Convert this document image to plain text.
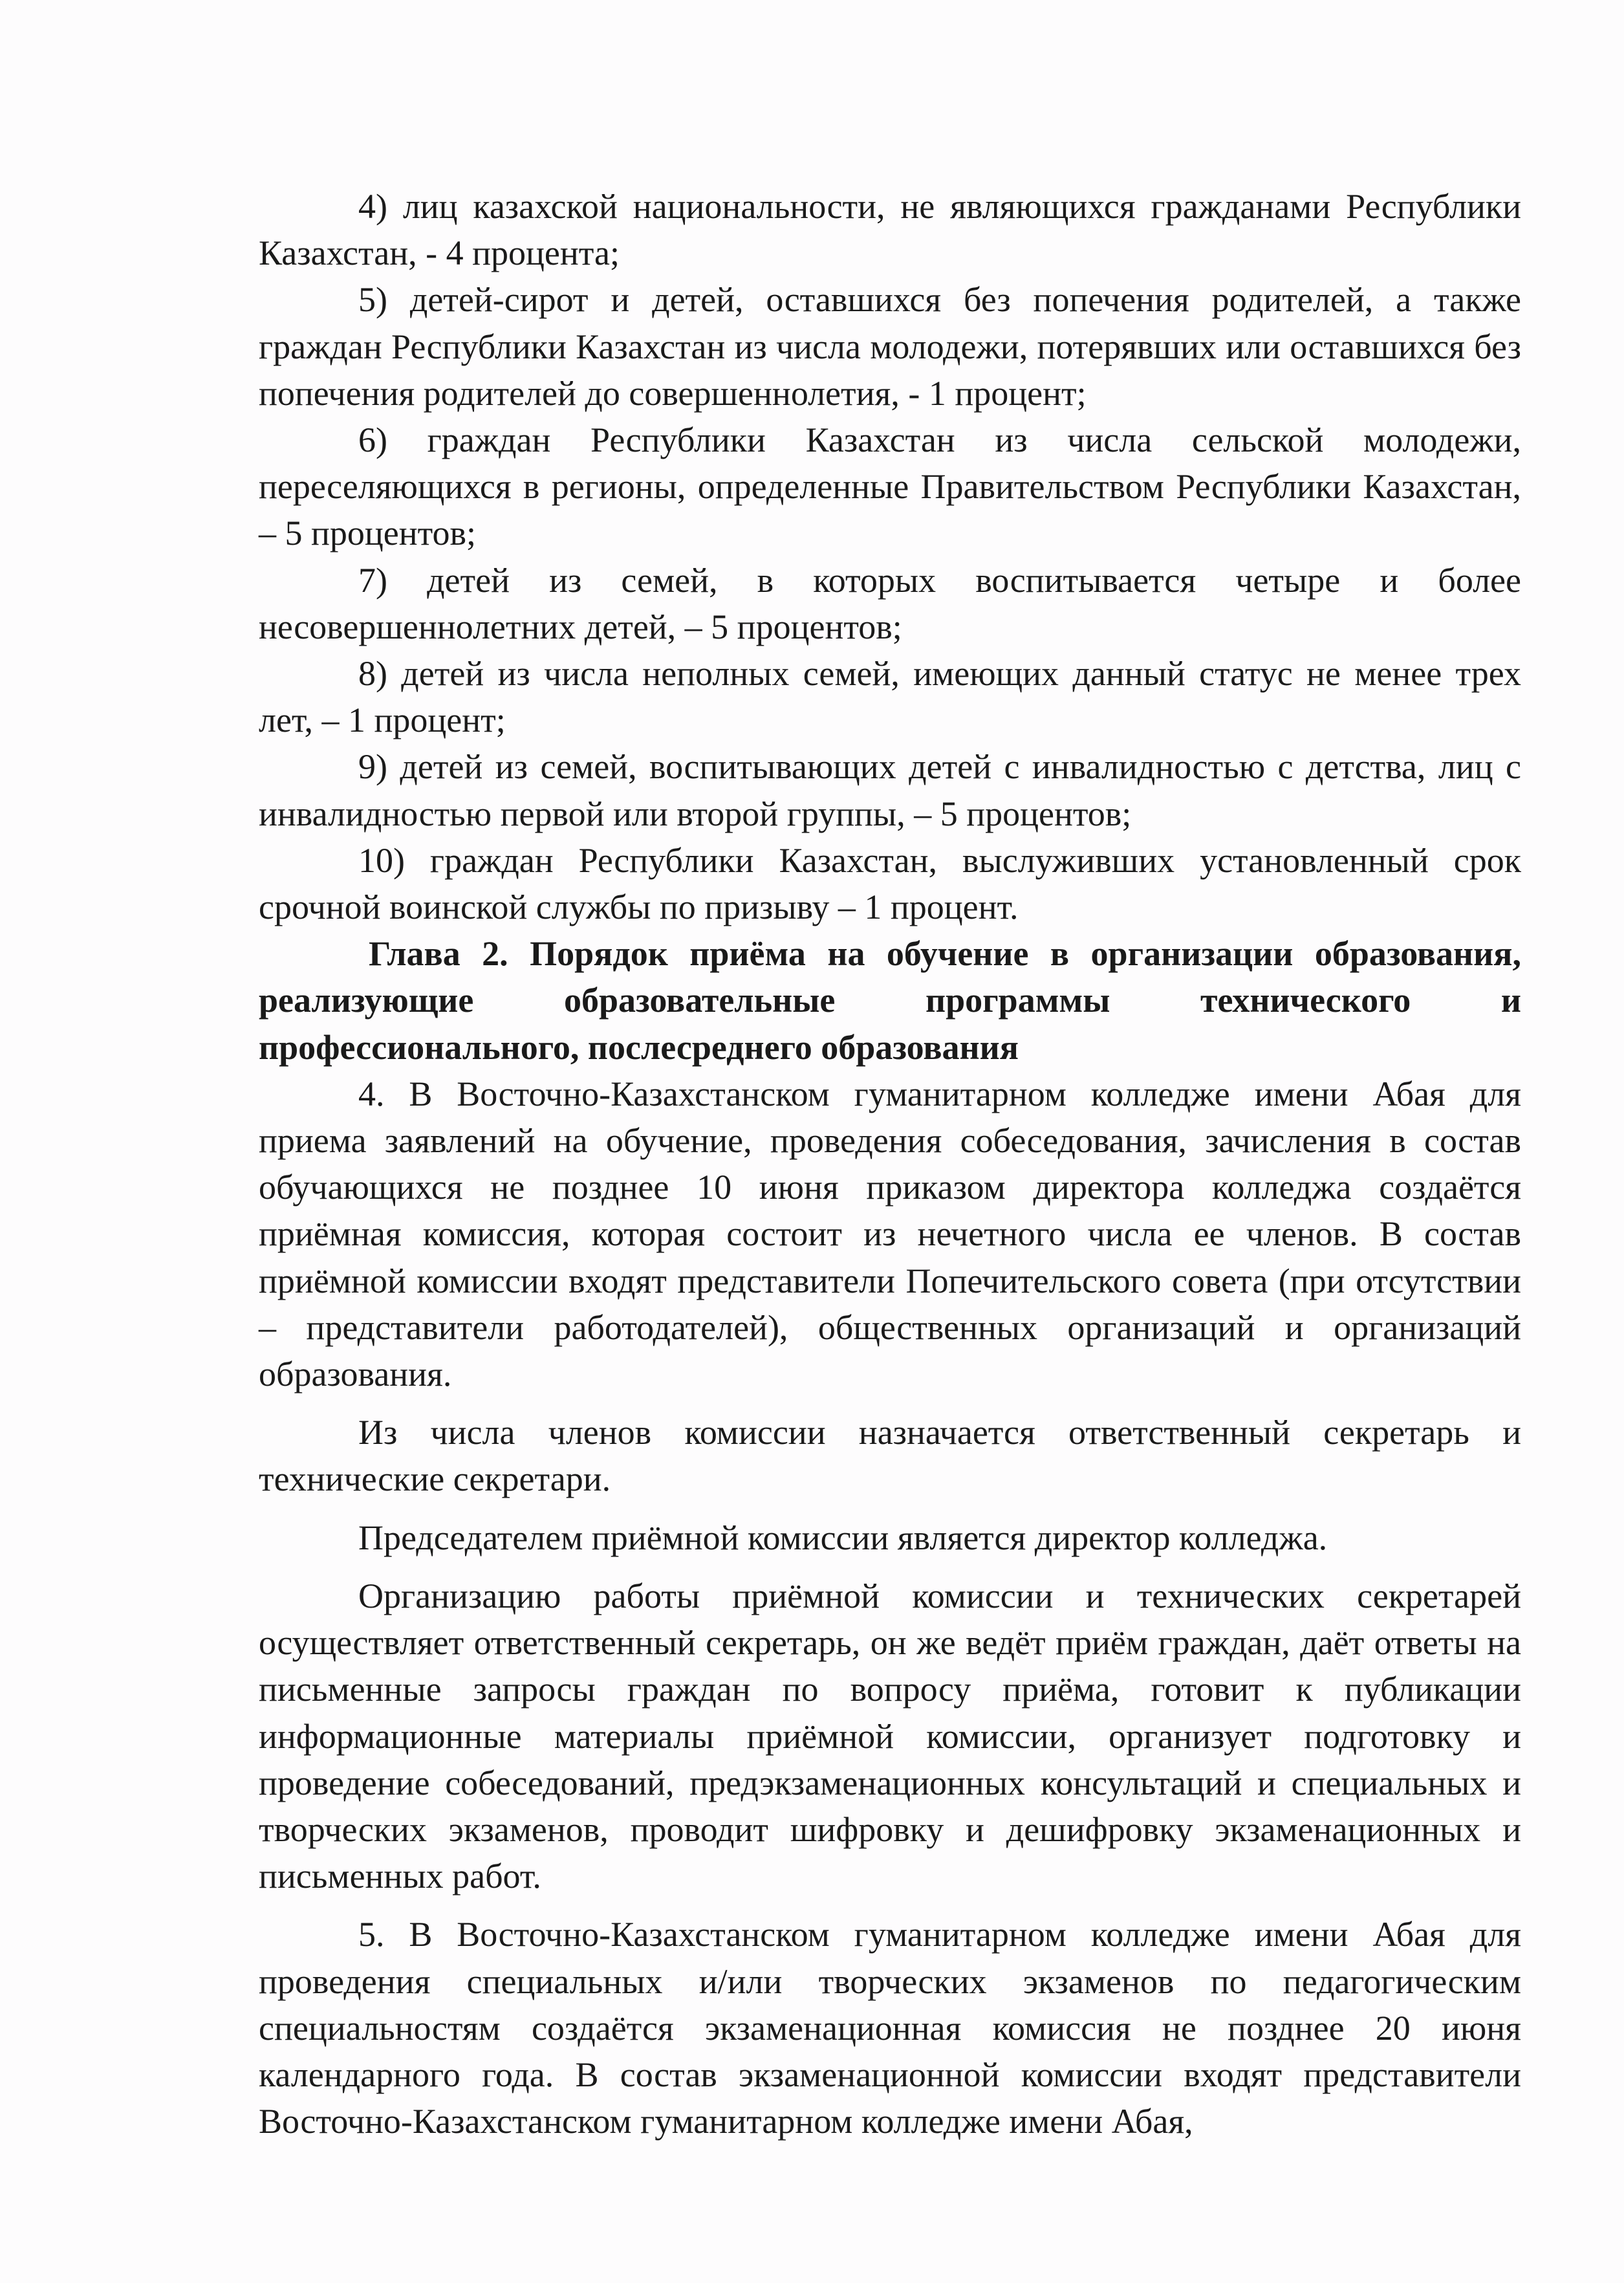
4) лиц казахской национальности, не являющихся гражданами Республики Казахстан, - 4 процента;

5) детей-сирот и детей, оставшихся без попечения родителей, а также граждан Республики Казахстан из числа молодежи, потерявших или оставшихся без попечения родителей до совершеннолетия, - 1 процент;

6) граждан Республики Казахстан из числа сельской молодежи, переселяющихся в регионы, определенные Правительством Республики Казахстан, – 5 процентов;

7) детей из семей, в которых воспитывается четыре и более несовершеннолетних детей, – 5 процентов;

8) детей из числа неполных семей, имеющих данный статус не менее трех лет, – 1 процент;

9) детей из семей, воспитывающих детей с инвалидностью с детства, лиц с инвалидностью первой или второй группы, – 5 процентов;

10) граждан Республики Казахстан, выслуживших установленный срок срочной воинской службы по призыву – 1 процент.

Глава 2. Порядок приёма на обучение в организации образования, реализующие образовательные программы технического и профессионального, послесреднего образования

4. В Восточно-Казахстанском гуманитарном колледже имени Абая для приема заявлений на обучение, проведения собеседования, зачисления в состав обучающихся не позднее 10 июня приказом директора колледжа создаётся приёмная комиссия, которая состоит из нечетного числа ее членов. В состав приёмной комиссии входят представители Попечительского совета (при отсутствии – представители работодателей), общественных организаций и организаций образования.

Из числа членов комиссии назначается ответственный секретарь и технические секретари.

Председателем приёмной комиссии является директор колледжа.

Организацию работы приёмной комиссии и технических секретарей осуществляет ответственный секретарь, он же ведёт приём граждан, даёт ответы на письменные запросы граждан по вопросу приёма, готовит к публикации информационные материалы приёмной комиссии, организует подготовку и проведение собеседований, предэкзаменационных консультаций и специальных и творческих экзаменов, проводит шифровку и дешифровку экзаменационных и письменных работ.

5. В Восточно-Казахстанском гуманитарном колледже имени Абая для проведения специальных и/или творческих экзаменов по педагогическим специальностям создаётся экзаменационная комиссия не позднее 20 июня календарного года. В состав экзаменационной комиссии входят представители Восточно-Казахстанском гуманитарном колледже имени Абая,
